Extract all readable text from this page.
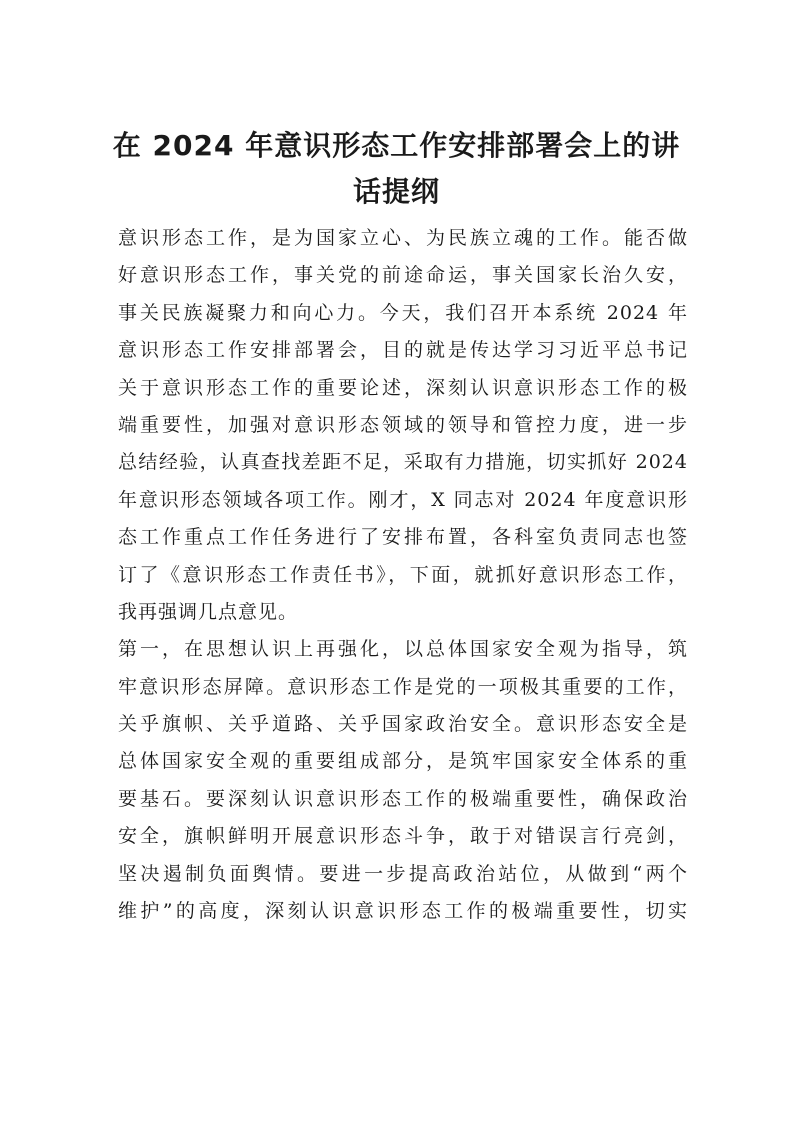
在 2024 年意识形态工作安排部署会上的讲
话提纲
意识形态工作，是为国家立心、为民族立魂的工作。能否做
好意识形态工作，事关党的前途命运，事关国家长治久安，
事关民族凝聚力和向心力。今天，我们召开本系统 2024 年
意识形态工作安排部署会，目的就是传达学习习近平总书记
关于意识形态工作的重要论述，深刻认识意识形态工作的极
端重要性，加强对意识形态领域的领导和管控力度，进一步
总结经验，认真查找差距不足，采取有力措施，切实抓好 2024
年意识形态领域各项工作。刚才，X 同志对 2024 年度意识形
态工作重点工作任务进行了安排布置，各科室负责同志也签
订了《意识形态工作责任书》，下面，就抓好意识形态工作，
我再强调几点意见。
第一，在思想认识上再强化，以总体国家安全观为指导，筑
牢意识形态屏障。意识形态工作是党的一项极其重要的工作，
关乎旗帜、关乎道路、关乎国家政治安全。意识形态安全是
总体国家安全观的重要组成部分，是筑牢国家安全体系的重
要基石。要深刻认识意识形态工作的极端重要性，确保政治
安全，旗帜鲜明开展意识形态斗争，敢于对错误言行亮剑，
坚决遏制负面舆情。要进一步提高政治站位，从做到“两个
维护”的高度，深刻认识意识形态工作的极端重要性，切实
